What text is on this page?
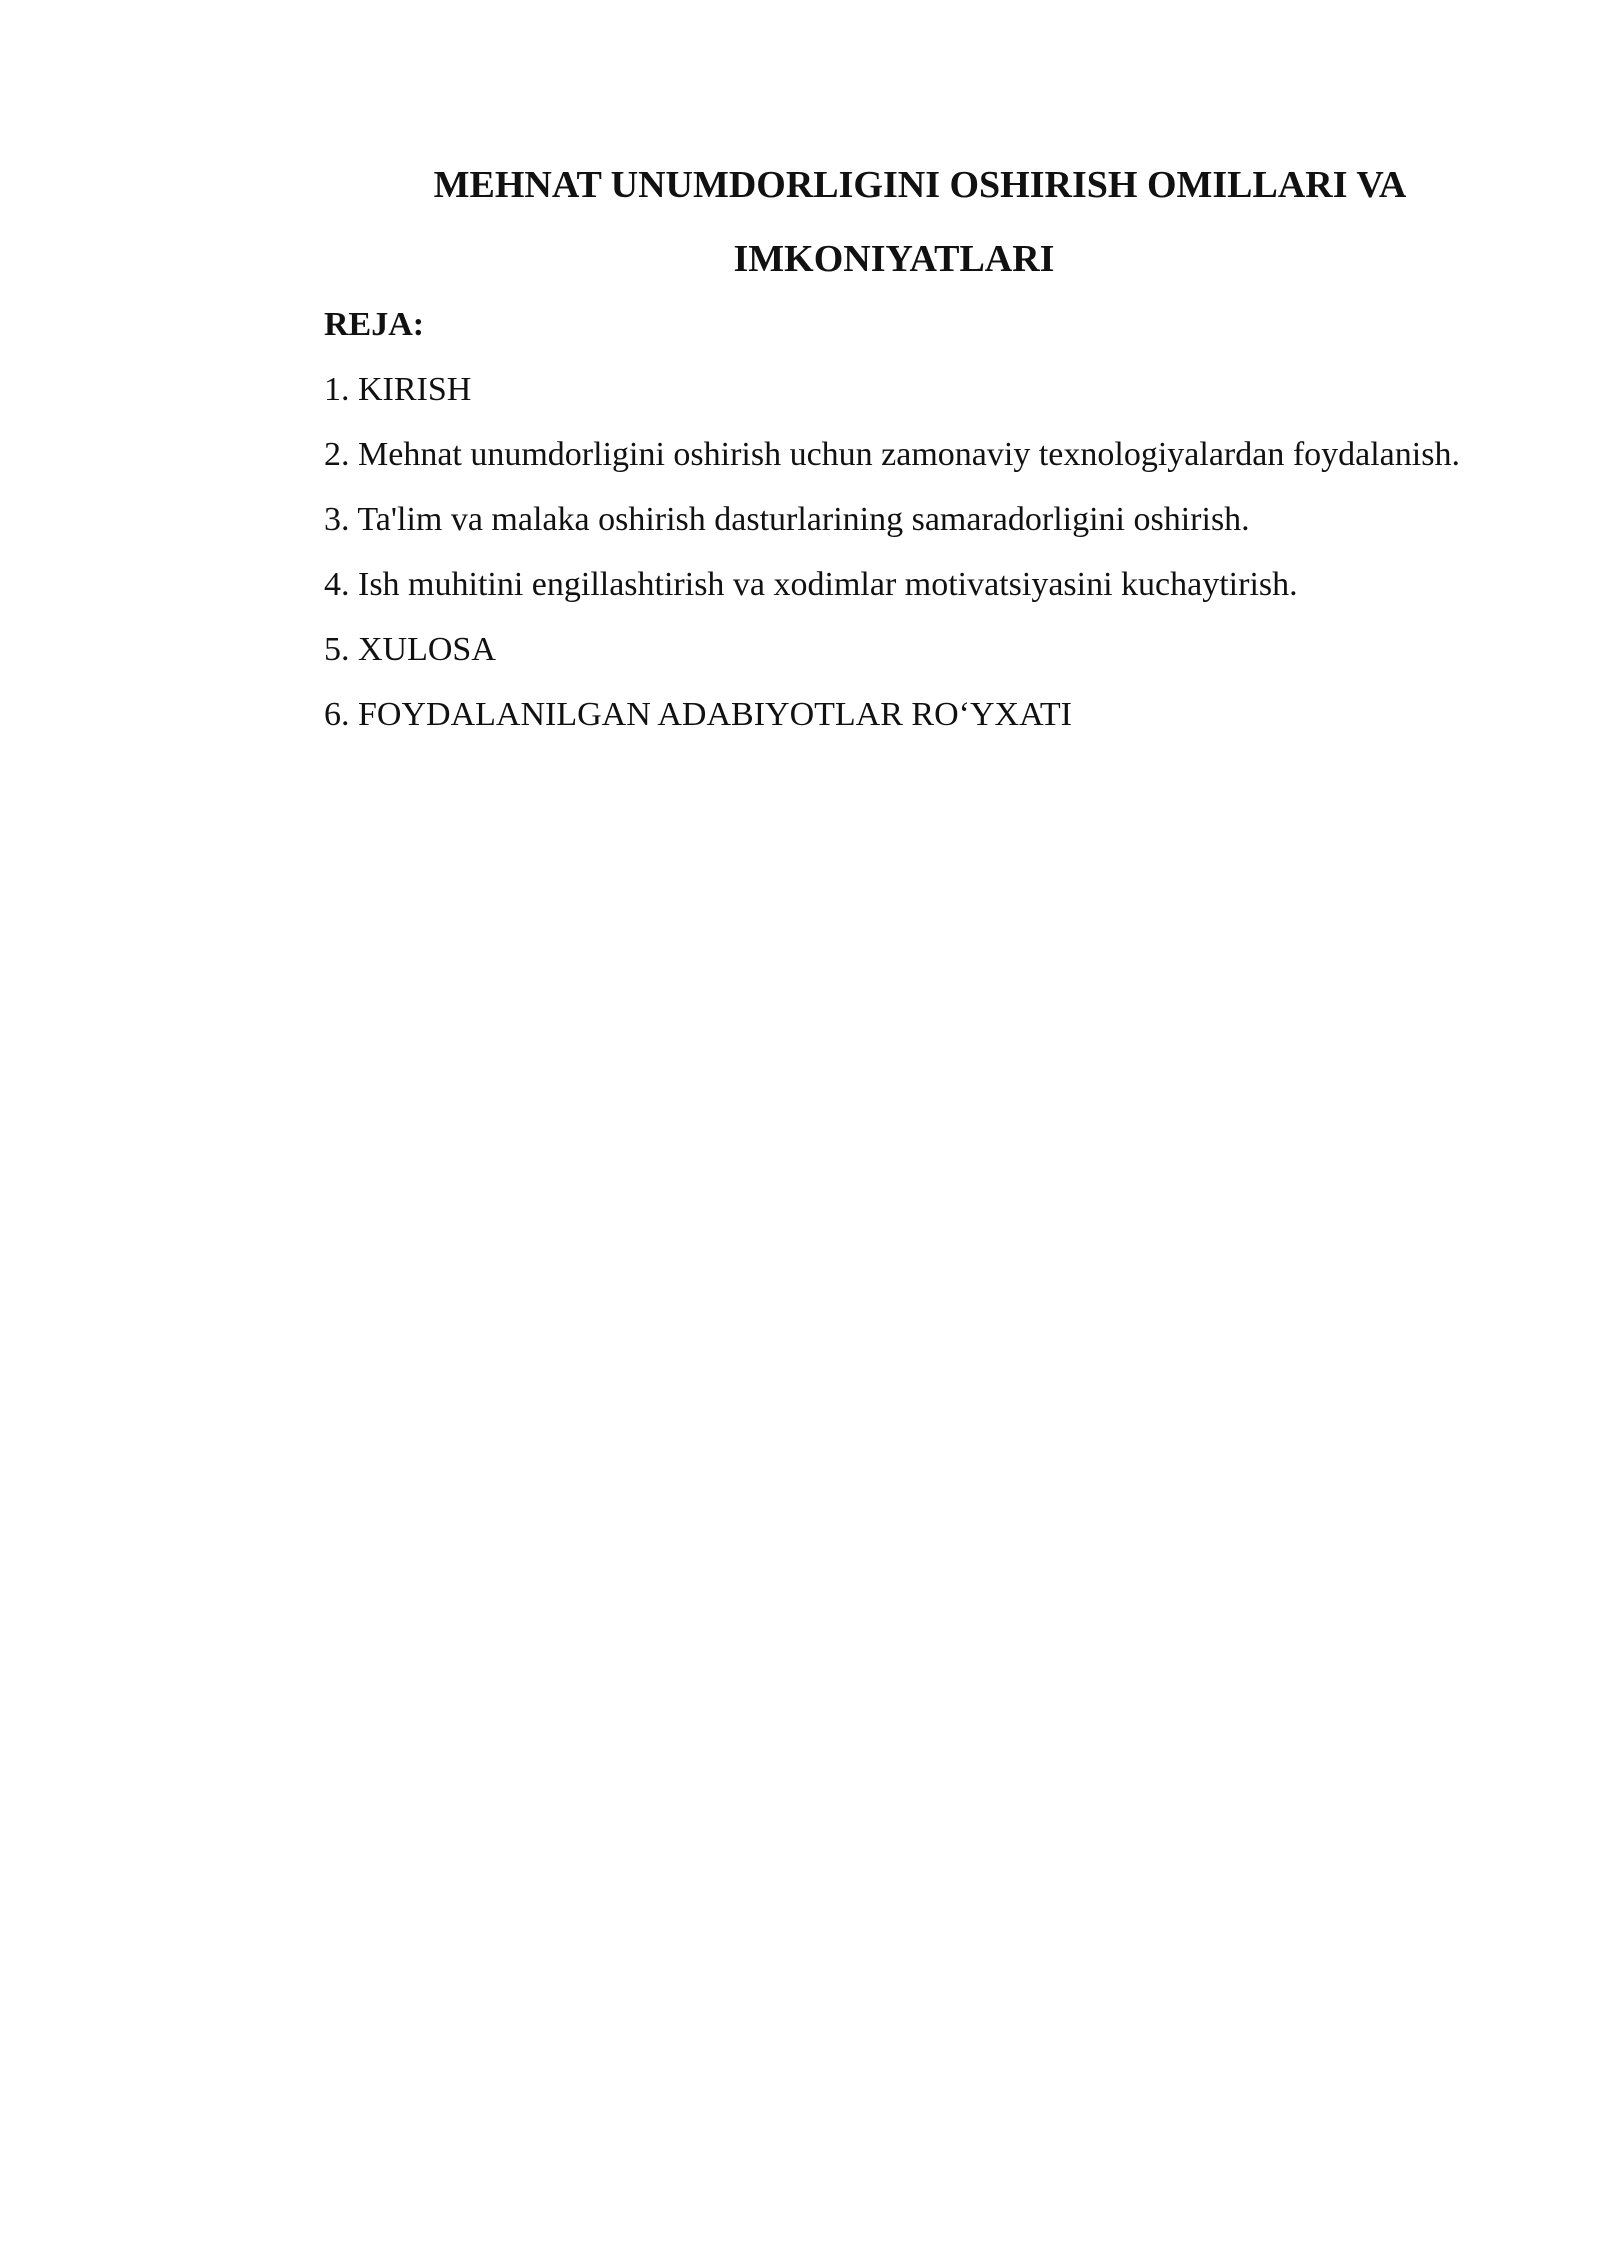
MEHNAT UNUMDORLIGINI OSHIRISH OMILLARI VA IMKONIYATLARI

REJA:

1. KIRISH

2. Mehnat unumdorligini oshirish uchun zamonaviy texnologiyalardan foydalanish.

3. Ta'lim va malaka oshirish dasturlarining samaradorligini oshirish.

4. Ish muhitini engillashtirish va xodimlar motivatsiyasini kuchaytirish.

5. XULOSA

6. FOYDALANILGAN ADABIYOTLAR RO‘YXATI
